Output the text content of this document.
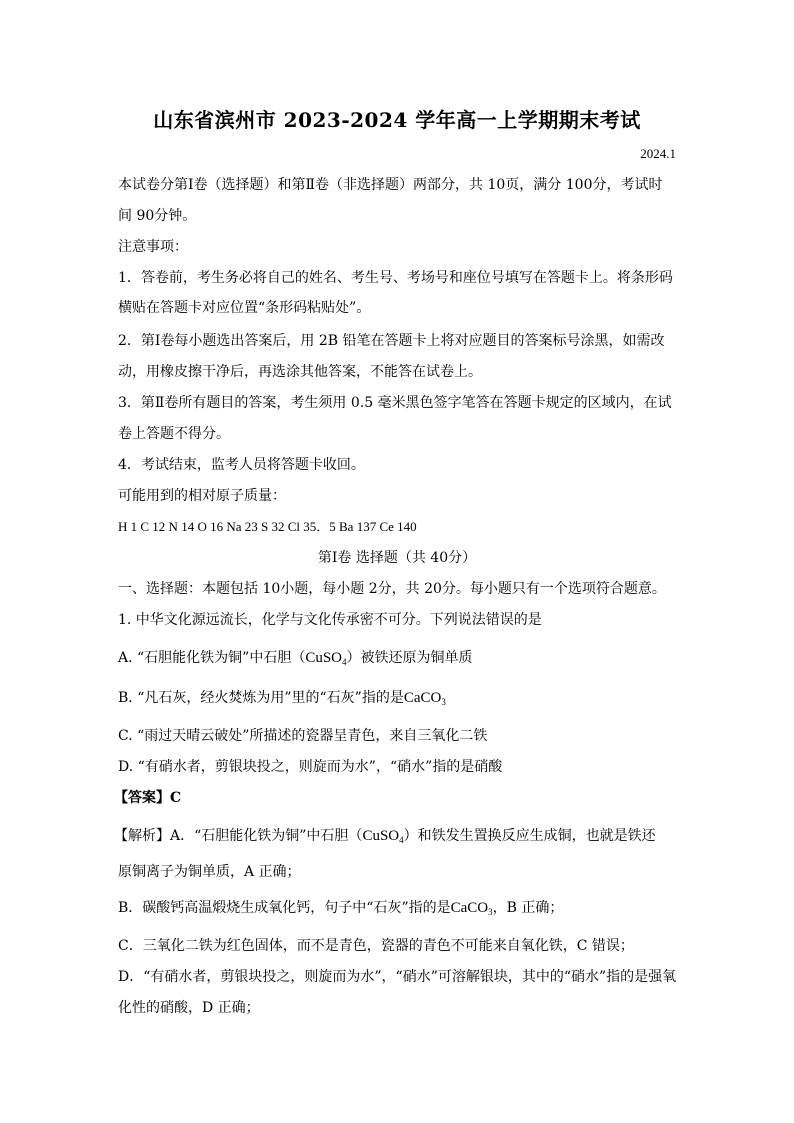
山东省滨州市 2023-2024 学年高一上学期期末考试
2024.1
本试卷分第Ⅰ卷（选择题）和第Ⅱ卷（非选择题）两部分，共 10页，满分 100分，考试时
间 90分钟。
注意事项：
1．答卷前，考生务必将自己的姓名、考生号、考场号和座位号填写在答题卡上。将条形码
横贴在答题卡对应位置“条形码粘贴处”。
2．第Ⅰ卷每小题选出答案后，用 2B 铅笔在答题卡上将对应题目的答案标号涂黑，如需改
动，用橡皮擦干净后，再选涂其他答案，不能答在试卷上。
3．第Ⅱ卷所有题目的答案，考生须用 0.5 毫米黑色签字笔答在答题卡规定的区域内，在试
卷上答题不得分。
4．考试结束，监考人员将答题卡收回。
可能用到的相对原子质量：
H 1 C 12 N 14 O 16 Na 23 S 32 Cl 35．5 Ba 137 Ce 140
第Ⅰ卷 选择题（共 40分）
一、选择题：本题包括 10小题，每小题 2分，共 20分。每小题只有一个选项符合题意。
1. 中华文化源远流长，化学与文化传承密不可分。下列说法错误的是
A. “石胆能化铁为铜”中石胆（CuSO$_4$）被铁还原为铜单质
B. “凡石灰，经火焚炼为用”里的“石灰”指的是CaCO$_3$
C. “雨过天晴云破处”所描述的瓷器呈青色，来自三氧化二铁
D. “有硝水者，剪银块投之，则旋而为水”，“硝水”指的是硝酸
【答案】C
【解析】A．“石胆能化铁为铜”中石胆（CuSO$_4$）和铁发生置换反应生成铜，也就是铁还
原铜离子为铜单质，A 正确；
B．碳酸钙高温煅烧生成氧化钙，句子中“石灰”指的是CaCO$_3$，B 正确；
C．三氧化二铁为红色固体，而不是青色，瓷器的青色不可能来自氧化铁，C 错误；
D．“有硝水者，剪银块投之，则旋而为水”，“硝水”可溶解银块，其中的“硝水”指的是强氧
化性的硝酸，D 正确；
